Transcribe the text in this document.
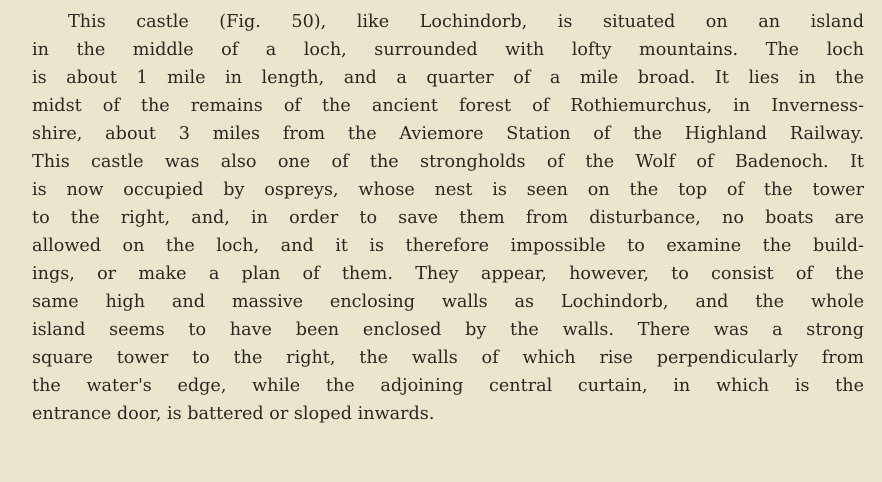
This castle (Fig. 50), like Lochindorb, is situated on an island
in the middle of a loch, surrounded with lofty mountains. The loch
is about 1 mile in length, and a quarter of a mile broad. It lies in the
midst of the remains of the ancient forest of Rothiemurchus, in Inverness-
shire, about 3 miles from the Aviemore Station of the Highland Railway.
This castle was also one of the strongholds of the Wolf of Badenoch. It
is now occupied by ospreys, whose nest is seen on the top of the tower
to the right, and, in order to save them from disturbance, no boats are
allowed on the loch, and it is therefore impossible to examine the build-
ings, or make a plan of them. They appear, however, to consist of the
same high and massive enclosing walls as Lochindorb, and the whole
island seems to have been enclosed by the walls. There was a strong
square tower to the right, the walls of which rise perpendicularly from
the water's edge, while the adjoining central curtain, in which is the
entrance door, is battered or sloped inwards.
